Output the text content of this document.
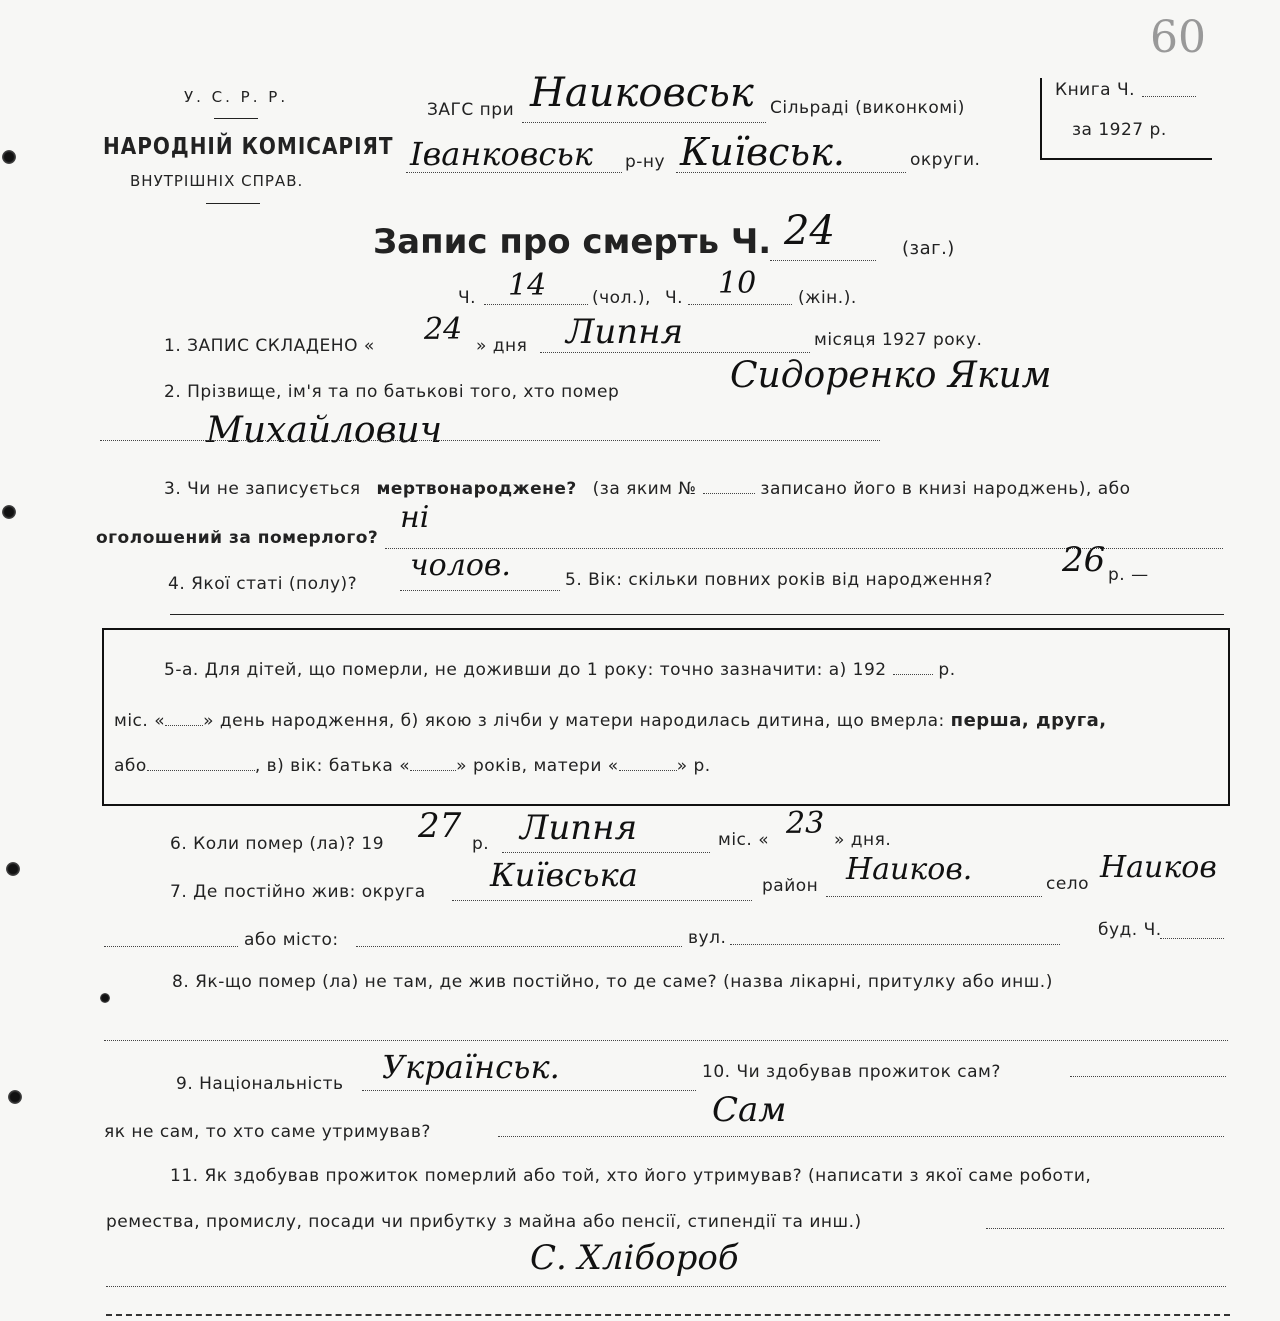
У. С. Р. Р.
НАРОДНІЙ КОМІСАРІЯТ
ВНУТРІШНІХ СПРАВ.
ЗАГС при Наиковськ Сільраді (виконкомі)
Іванковськ р-ну Київськ.	округи.
Книга Ч.
за 1927 р.
60
Запис про смерть Ч. 24	(заг.)
Ч. 14	(чол.), Ч. 10 (жін.).
1. ЗАПИС СКЛАДЕНО « 24 » дня Липня	місяця 1927 року.
2. Прізвище, ім'я та по батькові того, хто помер	Сидоренко Яким
Михайлович
3. Чи не записується мертвонароджене? (за яким №	записано його в книзі народжень), або
оголошений за померлого?
ні
4. Якої статі (полу)?
чолов.	5. Вік: скільки повних років від народження? 26 р. —
5-а. Для дітей, що померли, не доживши до 1 року: точно зазначити: а) 192	р.
міс. « » день народження, б) якою з лічби у матери народилась дитина, що вмерла: перша, друга,
або	, в) вік: батька «	» років, матери «	» р.
6. Коли помер (ла)? 19 27 р. Липня	міс. « 23 » дня.
7. Де постійно жив: округа Київська	район Наиков.	село Наиков
або місто:	вул.	буд. Ч.
8. Як-що помер (ла) не там, де жив постійно, то де саме? (назва лікарні, притулку або инш.)
9. Національність Українськ.	10. Чи здобував прожиток сам?
як не сам, то хто саме утримував?
Сам
11. Як здобував прожиток померлий або той, хто його утримував? (написати з якої саме роботи,
ремества, промислу, посади чи прибутку з майна або пенсії, стипендії та инш.)
С. Хлібороб
